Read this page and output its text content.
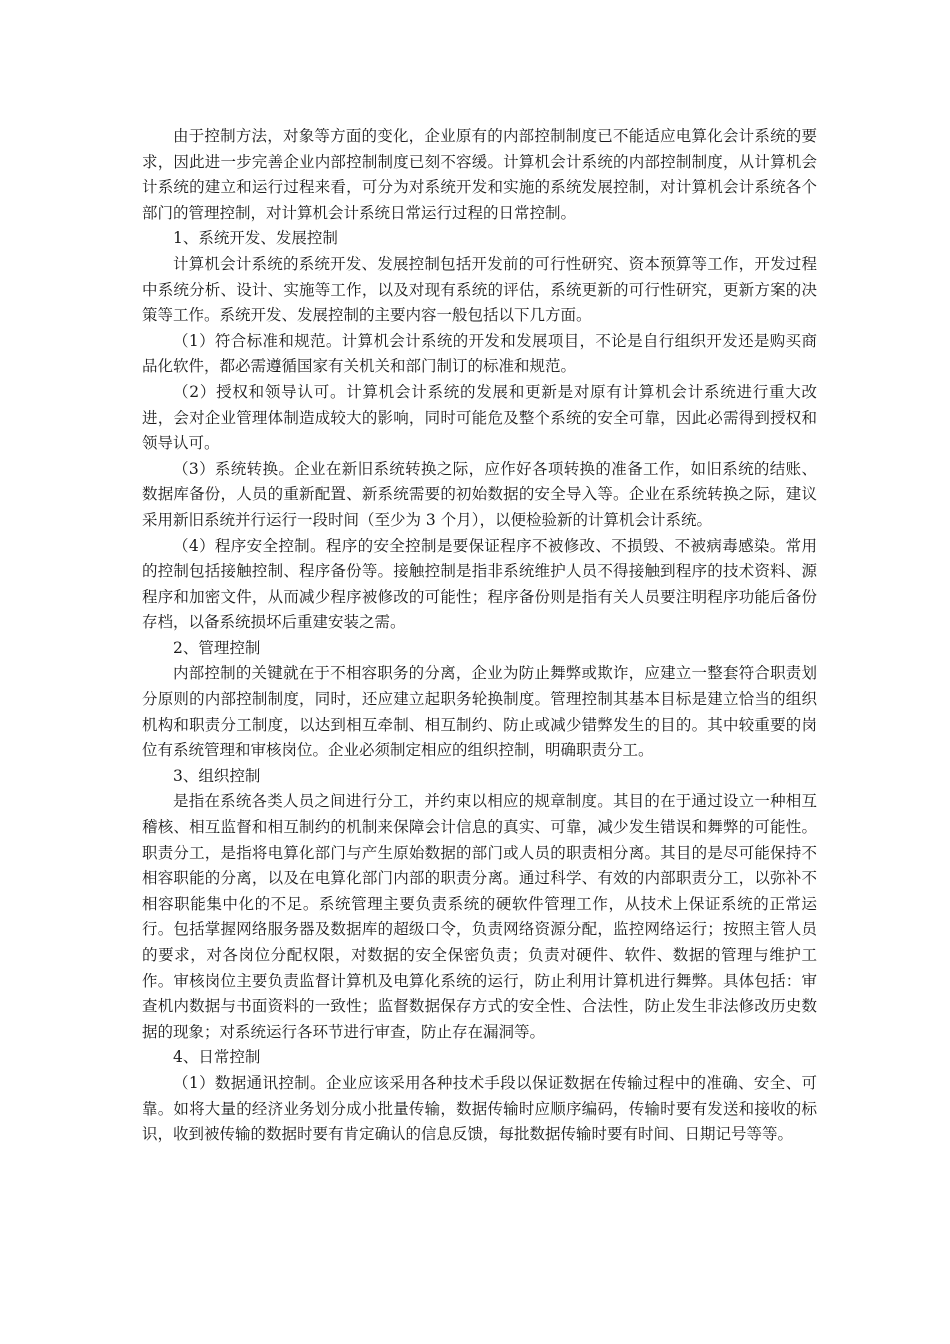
由于控制方法，对象等方面的变化，企业原有的内部控制制度已不能适应电算化会计系统的要求，因此进一步完善企业内部控制制度已刻不容缓。计算机会计系统的内部控制制度，从计算机会计系统的建立和运行过程来看，可分为对系统开发和实施的系统发展控制，对计算机会计系统各个部门的管理控制，对计算机会计系统日常运行过程的日常控制。

1、系统开发、发展控制

计算机会计系统的系统开发、发展控制包括开发前的可行性研究、资本预算等工作，开发过程中系统分析、设计、实施等工作，以及对现有系统的评估，系统更新的可行性研究，更新方案的决策等工作。系统开发、发展控制的主要内容一般包括以下几方面。

（1）符合标准和规范。计算机会计系统的开发和发展项目，不论是自行组织开发还是购买商品化软件，都必需遵循国家有关机关和部门制订的标准和规范。

（2）授权和领导认可。计算机会计系统的发展和更新是对原有计算机会计系统进行重大改进，会对企业管理体制造成较大的影响，同时可能危及整个系统的安全可靠，因此必需得到授权和领导认可。

（3）系统转换。企业在新旧系统转换之际，应作好各项转换的准备工作，如旧系统的结账、数据库备份，人员的重新配置、新系统需要的初始数据的安全导入等。企业在系统转换之际，建议采用新旧系统并行运行一段时间（至少为 3 个月），以便检验新的计算机会计系统。

（4）程序安全控制。程序的安全控制是要保证程序不被修改、不损毁、不被病毒感染。常用的控制包括接触控制、程序备份等。接触控制是指非系统维护人员不得接触到程序的技术资料、源程序和加密文件，从而减少程序被修改的可能性；程序备份则是指有关人员要注明程序功能后备份存档，以备系统损坏后重建安装之需。

2、管理控制

内部控制的关键就在于不相容职务的分离，企业为防止舞弊或欺诈，应建立一整套符合职责划分原则的内部控制制度，同时，还应建立起职务轮换制度。管理控制其基本目标是建立恰当的组织机构和职责分工制度，以达到相互牵制、相互制约、防止或减少错弊发生的目的。其中较重要的岗位有系统管理和审核岗位。企业必须制定相应的组织控制，明确职责分工。

3、组织控制

是指在系统各类人员之间进行分工，并约束以相应的规章制度。其目的在于通过设立一种相互稽核、相互监督和相互制约的机制来保障会计信息的真实、可靠，减少发生错误和舞弊的可能性。职责分工，是指将电算化部门与产生原始数据的部门或人员的职责相分离。其目的是尽可能保持不相容职能的分离，以及在电算化部门内部的职责分离。通过科学、有效的内部职责分工，以弥补不相容职能集中化的不足。系统管理主要负责系统的硬软件管理工作，从技术上保证系统的正常运行。包括掌握网络服务器及数据库的超级口令，负责网络资源分配，监控网络运行；按照主管人员的要求，对各岗位分配权限，对数据的安全保密负责；负责对硬件、软件、数据的管理与维护工作。审核岗位主要负责监督计算机及电算化系统的运行，防止利用计算机进行舞弊。具体包括：审查机内数据与书面资料的一致性；监督数据保存方式的安全性、合法性，防止发生非法修改历史数据的现象；对系统运行各环节进行审查，防止存在漏洞等。

4、日常控制

（1）数据通讯控制。企业应该采用各种技术手段以保证数据在传输过程中的准确、安全、可靠。如将大量的经济业务划分成小批量传输，数据传输时应顺序编码，传输时要有发送和接收的标识，收到被传输的数据时要有肯定确认的信息反馈，每批数据传输时要有时间、日期记号等等。
